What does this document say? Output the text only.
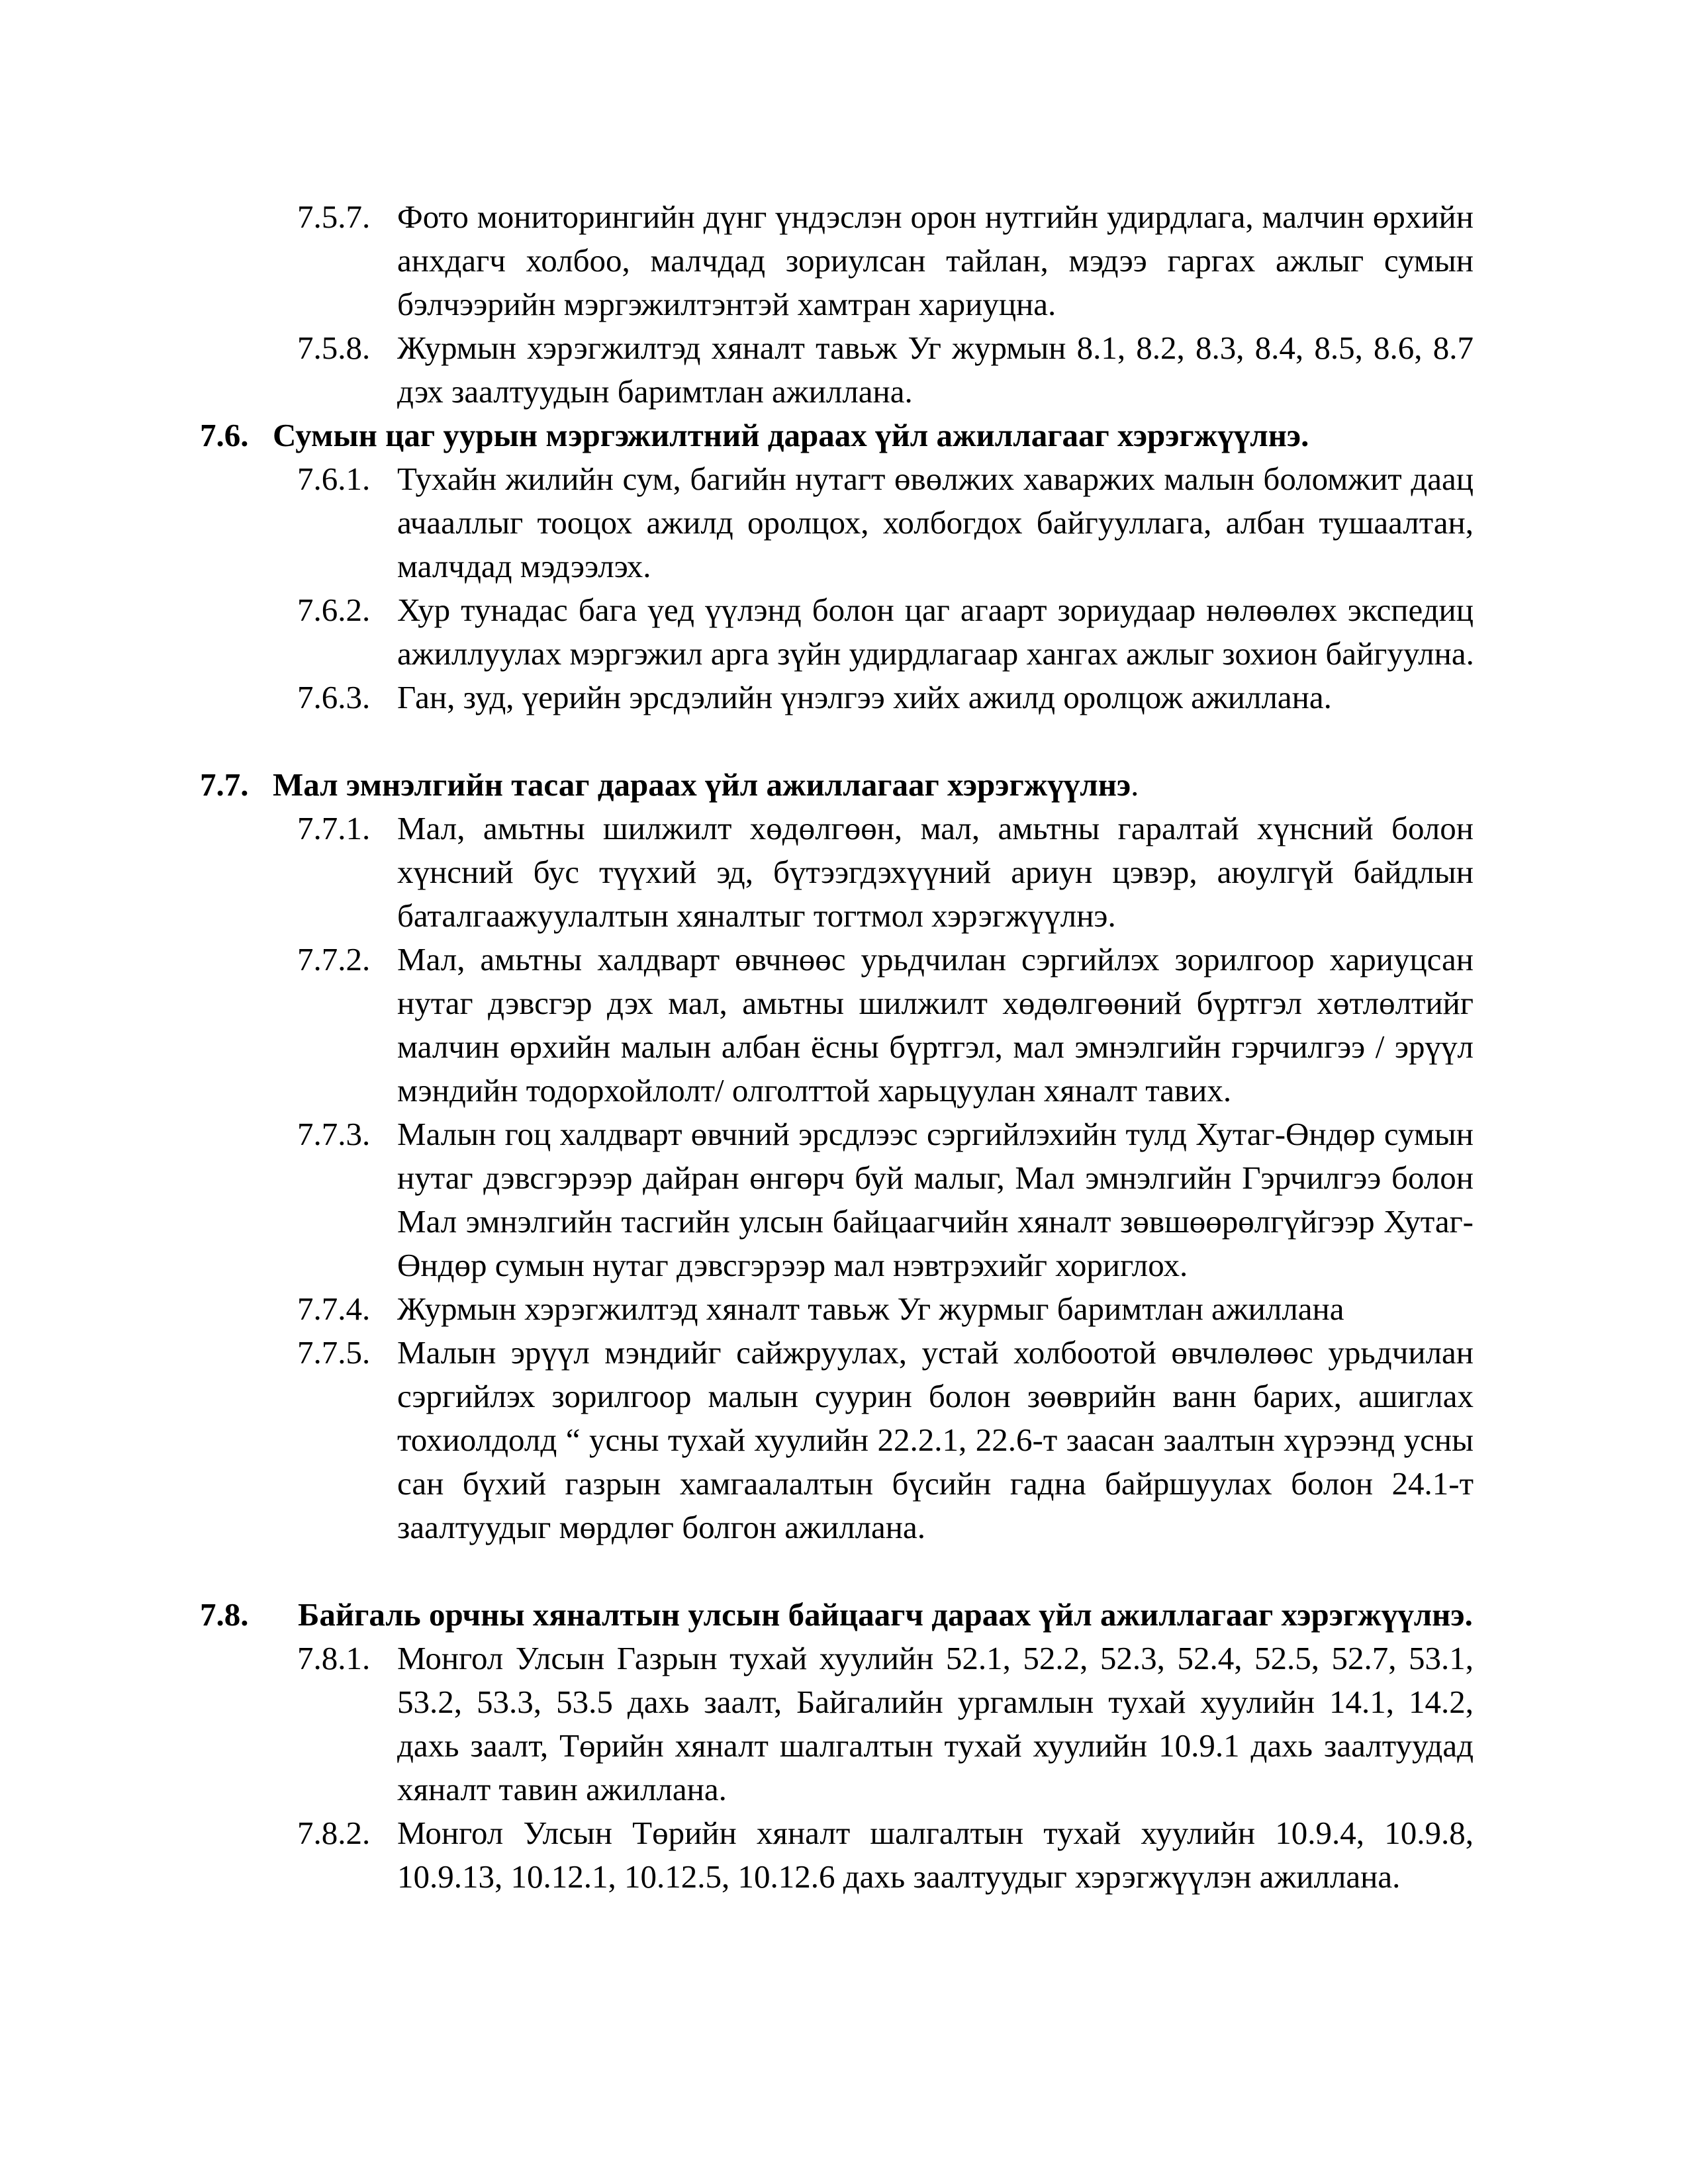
7.5.7. Фото мониторингийн дүнг үндэслэн орон нутгийн удирдлага, малчин өрхийн
анхдагч холбоо, малчдад зориулсан тайлан, мэдээ гаргах ажлыг сумын
бэлчээрийн мэргэжилтэнтэй хамтран хариуцна.
7.5.8. Журмын хэрэгжилтэд хяналт тавьж Уг журмын 8.1, 8.2, 8.3, 8.4, 8.5, 8.6, 8.7
дэх заалтуудын баримтлан ажиллана.
7.6. Сумын цаг уурын мэргэжилтний дараах үйл ажиллагааг хэрэгжүүлнэ.
7.6.1. Тухайн жилийн сум, багийн нутагт өвөлжих хаваржих малын боломжит даац
ачааллыг тооцох ажилд оролцох, холбогдох байгууллага, албан тушаалтан,
малчдад мэдээлэх.
7.6.2. Хур тунадас бага үед үүлэнд болон цаг агаарт зориудаар нөлөөлөх экспедиц
ажиллуулах мэргэжил арга зүйн удирдлагаар хангах ажлыг зохион байгуулна.
7.6.3. Ган, зуд, үерийн эрсдэлийн үнэлгээ хийх ажилд оролцож ажиллана.
7.7. Мал эмнэлгийн тасаг дараах үйл ажиллагааг хэрэгжүүлнэ.
7.7.1. Мал, амьтны шилжилт хөдөлгөөн, мал, амьтны гаралтай хүнсний болон
хүнсний бус түүхий эд, бүтээгдэхүүний ариун цэвэр, аюулгүй байдлын
баталгаажуулалтын хяналтыг тогтмол хэрэгжүүлнэ.
7.7.2. Мал, амьтны халдварт өвчнөөс урьдчилан сэргийлэх зорилгоор хариуцсан
нутаг дэвсгэр дэх мал, амьтны шилжилт хөдөлгөөний бүртгэл хөтлөлтийг
малчин өрхийн малын албан ёсны бүртгэл, мал эмнэлгийн гэрчилгээ / эрүүл
мэндийн тодорхойлолт/ олголттой харьцуулан хяналт тавих.
7.7.3. Малын гоц халдварт өвчний эрсдлээс сэргийлэхийн тулд Хутаг-Өндөр сумын
нутаг дэвсгэрээр дайран өнгөрч буй малыг, Мал эмнэлгийн Гэрчилгээ болон
Мал эмнэлгийн тасгийн улсын байцаагчийн хяналт зөвшөөрөлгүйгээр Хутаг-
Өндөр сумын нутаг дэвсгэрээр мал нэвтрэхийг хориглох.
7.7.4. Журмын хэрэгжилтэд хяналт тавьж Уг журмыг баримтлан ажиллана
7.7.5. Малын эрүүл мэндийг сайжруулах, устай холбоотой өвчлөлөөс урьдчилан
сэргийлэх зорилгоор малын суурин болон зөөврийн ванн барих, ашиглах
тохиолдолд “ усны тухай хуулийн 22.2.1, 22.6-т заасан заалтын хүрээнд усны
сан бүхий газрын хамгаалалтын бүсийн гадна байршуулах болон 24.1-т
заалтуудыг мөрдлөг болгон ажиллана.
7.8. Байгаль орчны хяналтын улсын байцаагч дараах үйл ажиллагааг хэрэгжүүлнэ.
7.8.1. Монгол Улсын Газрын тухай хуулийн 52.1, 52.2, 52.3, 52.4, 52.5, 52.7, 53.1,
53.2, 53.3, 53.5 дахь заалт, Байгалийн ургамлын тухай хуулийн 14.1, 14.2,
дахь заалт, Төрийн хяналт шалгалтын тухай хуулийн 10.9.1 дахь заалтуудад
хяналт тавин ажиллана.
7.8.2. Монгол Улсын Төрийн хяналт шалгалтын тухай хуулийн 10.9.4, 10.9.8,
10.9.13, 10.12.1, 10.12.5, 10.12.6 дахь заалтуудыг хэрэгжүүлэн ажиллана.
